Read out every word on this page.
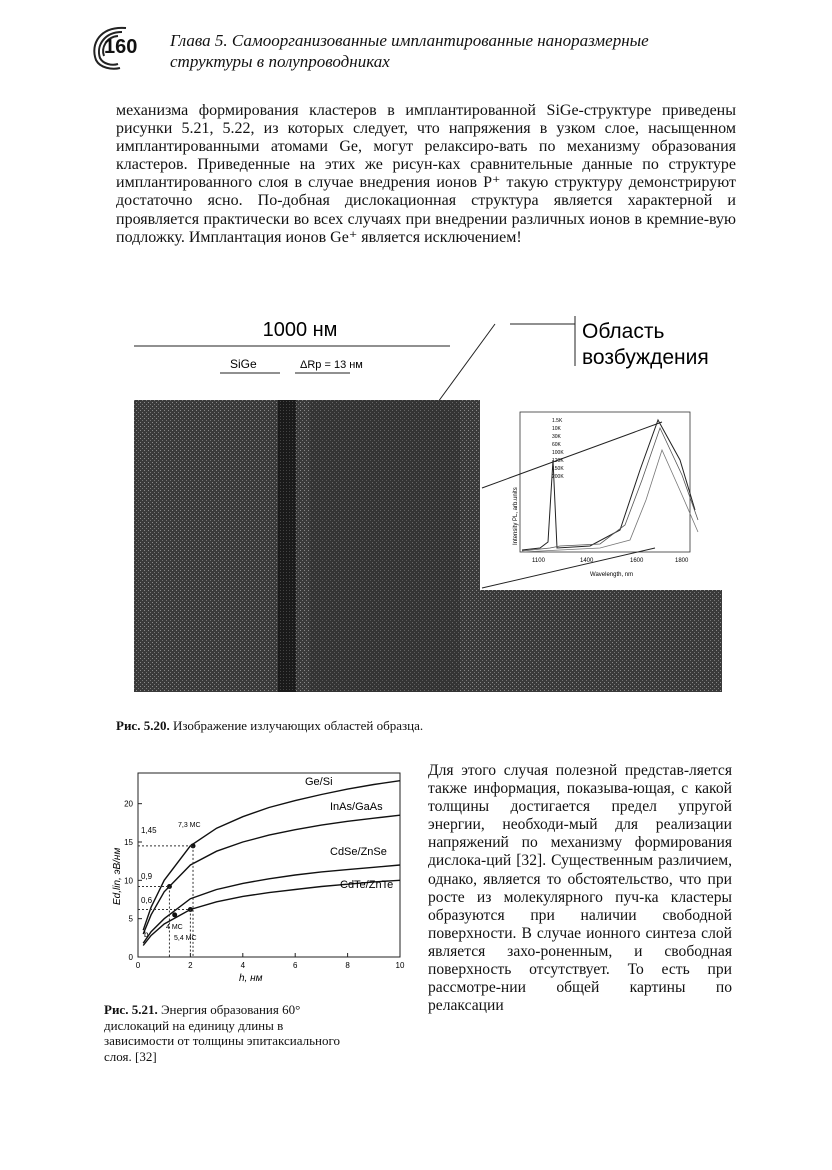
160 Глава 5. Самоорганизованные имплантированные наноразмерные
структуры в полупроводниках

механизма формирования кластеров в имплантированной SiGe-структуре приведены рисунки 5.21, 5.22, из которых следует, что напряжения в узком слое, насыщенном имплантированными атомами Ge, могут релаксиро-вать по механизму образования кластеров. Приведенные на этих же рисун-ках сравнительные данные по структуре имплантированного слоя в случае внедрения ионов P⁺ такую структуру демонстрируют достаточно ясно. По-добная дислокационная структура является характерной и проявляется практически во всех случаях при внедрении различных ионов в кремние-вую подложку. Имплантация ионов Ge⁺ является исключением!

1000 нм
SiGe	ΔRp = 13 нм
Область
возбуждения
Intensity PL, arb.units
Wavelength, nm
1100	1400	1600	1800
1.5K
10K
30K
60K
100K
120K
150K
200K
Рис. 5.20. Изображение излучающих областей образца.
0	2	4	6	8	10
0
5
10
15
20
h, нм
Ed,lin, эВ/нм
Ge/Si
InAs/GaAs
CdSe/ZnSe
CdTe/ZnTe
1,45
0,9
0,6
b
4 MC
5,4 MC
7,3 MC
Рис. 5.21. Энергия образования 60° дислокаций на единицу длины в зависимости от толщины эпитаксиального слоя. [32]

Для этого случая полезной представ-ляется также информация, показыва-ющая, с какой толщины достигается предел упругой энергии, необходи-мый для реализации напряжений по механизму формирования дислока-ций [32]. Существенным различием, однако, является то обстоятельство, что при росте из молекулярного пуч-ка кластеры образуются при наличии свободной поверхности. В случае ионного синтеза слой является захо-роненным, и свободная поверхность отсутствует. То есть при рассмотре-нии общей картины по релаксации
